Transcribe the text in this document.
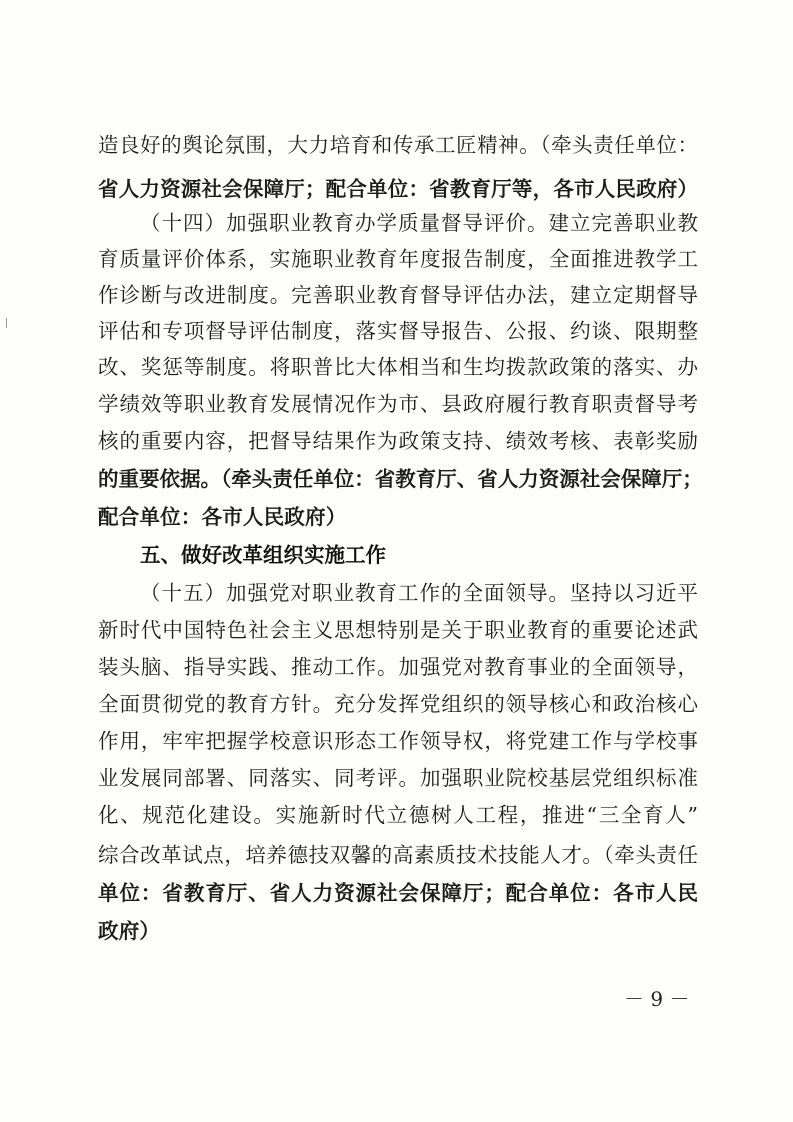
造良好的舆论氛围，大力培育和传承工匠精神。（牵头责任单位：
省人力资源社会保障厅；配合单位：省教育厅等，各市人民政府）
（十四）加强职业教育办学质量督导评价。建立完善职业教
育质量评价体系，实施职业教育年度报告制度，全面推进教学工
作诊断与改进制度。完善职业教育督导评估办法，建立定期督导
评估和专项督导评估制度，落实督导报告、公报、约谈、限期整
改、奖惩等制度。将职普比大体相当和生均拨款政策的落实、办
学绩效等职业教育发展情况作为市、县政府履行教育职责督导考
核的重要内容，把督导结果作为政策支持、绩效考核、表彰奖励
的重要依据。（牵头责任单位：省教育厅、省人力资源社会保障厅；
配合单位：各市人民政府）
五、做好改革组织实施工作
（十五）加强党对职业教育工作的全面领导。坚持以习近平
新时代中国特色社会主义思想特别是关于职业教育的重要论述武
装头脑、指导实践、推动工作。加强党对教育事业的全面领导，
全面贯彻党的教育方针。充分发挥党组织的领导核心和政治核心
作用，牢牢把握学校意识形态工作领导权，将党建工作与学校事
业发展同部署、同落实、同考评。加强职业院校基层党组织标准
化、规范化建设。实施新时代立德树人工程，推进“三全育人”
综合改革试点，培养德技双馨的高素质技术技能人才。（牵头责任
单位：省教育厅、省人力资源社会保障厅；配合单位：各市人民
政府）
－ 9 －
